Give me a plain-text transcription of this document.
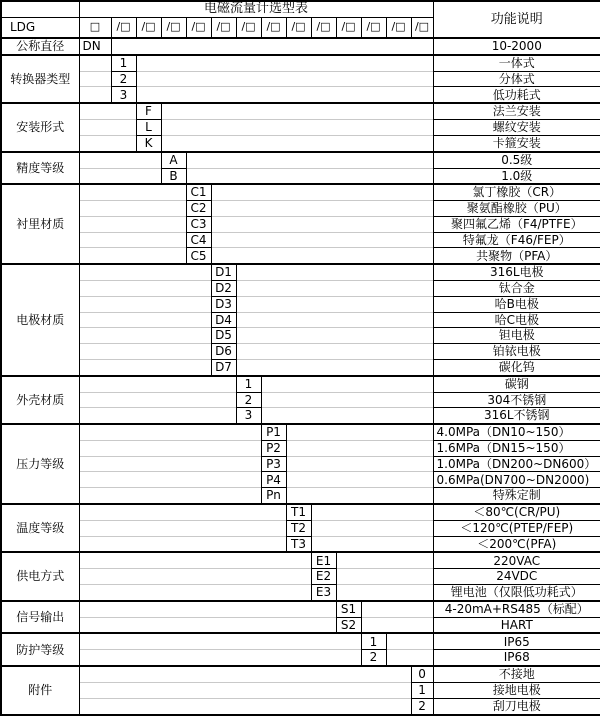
	电磁流量计选型表														功能说明
LDG	□	/□	/□	/□	/□	/□	/□	/□	/□	/□	/□	/□	/□	/□	
公称直径	DN														10-2000
转换器类型		1													一体式
		2													分体式
		3													低功耗式
安装形式			F												法兰安装
			L												螺纹安装
			K												卡箍安装
精度等级				A											0.5级
				B											1.0级
衬里材质					C1										氯丁橡胶（CR）
					C2										聚氨酯橡胶（PU）
					C3										聚四氟乙烯（F4/PTFE）
					C4										特氟龙（F46/FEP）
					C5										共聚物（PFA）
电极材质						D1									316L电极
						D2									钛合金
						D3									哈B电极
						D4									哈C电极
						D5									钽电极
						D6									铂铱电极
						D7									碳化钨
外壳材质							1								碳钢
							2								304不锈钢
							3								316L不锈钢
压力等级								P1							4.0MPa（DN10~150）
								P2							1.6MPa（DN15~150）
								P3							1.0MPa（DN200~DN600）
								P4							0.6MPa(DN700~DN2000)
								Pn							特殊定制
温度等级									T1						＜80℃(CR/PU)
									T2						＜120℃(PTEP/FEP)
									T3						＜200℃(PFA)
供电方式										E1					220VAC
										E2					24VDC
										E3					锂电池（仅限低功耗式）
信号输出											S1				4-20mA+RS485（标配）
											S2				HART
防护等级												1			IP65
												2			IP68
附件														0	不接地
														1	接地电极
														2	刮刀电极
